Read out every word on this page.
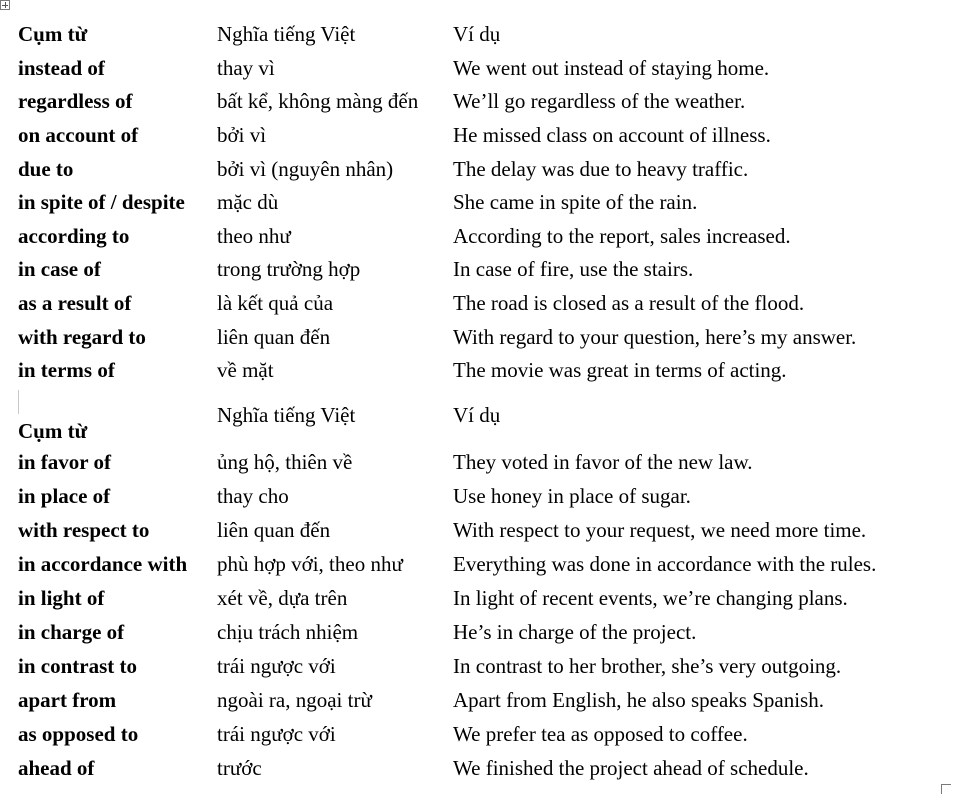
Cụm từ	Nghĩa tiếng Việt	Ví dụ
instead of	thay vì	We went out instead of staying home.
regardless of	bất kể, không màng đến	We’ll go regardless of the weather.
on account of	bởi vì	He missed class on account of illness.
due to	bởi vì (nguyên nhân)	The delay was due to heavy traffic.
in spite of / despite	mặc dù	She came in spite of the rain.
according to	theo như	According to the report, sales increased.
in case of	trong trường hợp	In case of fire, use the stairs.
as a result of	là kết quả của	The road is closed as a result of the flood.
with regard to	liên quan đến	With regard to your question, here’s my answer.
in terms of	về mặt	The movie was great in terms of acting.
Cụm từ	Nghĩa tiếng Việt	Ví dụ
in favor of	ủng hộ, thiên về	They voted in favor of the new law.
in place of	thay cho	Use honey in place of sugar.
with respect to	liên quan đến	With respect to your request, we need more time.
in accordance with	phù hợp với, theo như	Everything was done in accordance with the rules.
in light of	xét về, dựa trên	In light of recent events, we’re changing plans.
in charge of	chịu trách nhiệm	He’s in charge of the project.
in contrast to	trái ngược với	In contrast to her brother, she’s very outgoing.
apart from	ngoài ra, ngoại trừ	Apart from English, he also speaks Spanish.
as opposed to	trái ngược với	We prefer tea as opposed to coffee.
ahead of	trước	We finished the project ahead of schedule.
